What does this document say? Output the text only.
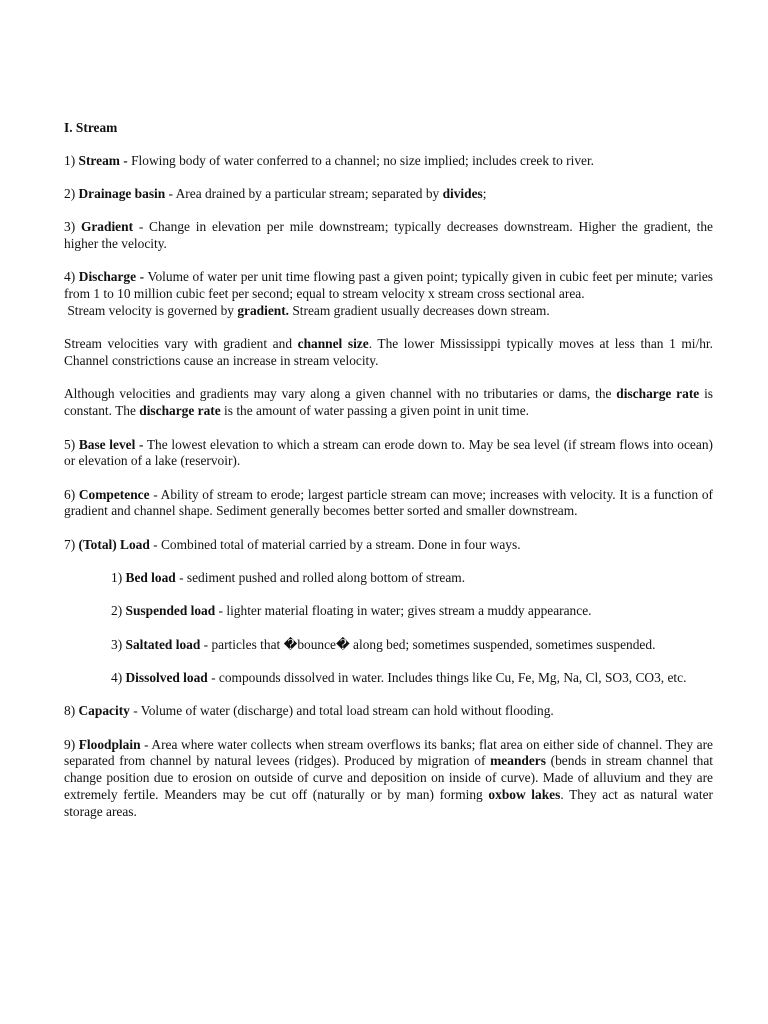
I. Stream

1) Stream - Flowing body of water conferred to a channel; no size implied; includes creek to river.

2) Drainage basin - Area drained by a particular stream; separated by divides;

3) Gradient - Change in elevation per mile downstream; typically decreases downstream. Higher the gradient, the higher the velocity.

4) Discharge - Volume of water per unit time flowing past a given point; typically given in cubic feet per minute; varies from 1 to 10 million cubic feet per second; equal to stream velocity x stream cross sectional area.

Stream velocity is governed by gradient. Stream gradient usually decreases down stream.

Stream velocities vary with gradient and channel size. The lower Mississippi typically moves at less than 1 mi/hr. Channel constrictions cause an increase in stream velocity.

Although velocities and gradients may vary along a given channel with no tributaries or dams, the discharge rate is constant. The discharge rate is the amount of water passing a given point in unit time.

5) Base level - The lowest elevation to which a stream can erode down to. May be sea level (if stream flows into ocean) or elevation of a lake (reservoir).

6) Competence - Ability of stream to erode; largest particle stream can move; increases with velocity. It is a function of gradient and channel shape. Sediment generally becomes better sorted and smaller downstream.

7) (Total) Load - Combined total of material carried by a stream. Done in four ways.

1) Bed load - sediment pushed and rolled along bottom of stream.

2) Suspended load - lighter material floating in water; gives stream a muddy appearance.

3) Saltated load - particles that �bounce� along bed; sometimes suspended, sometimes suspended.

4) Dissolved load - compounds dissolved in water. Includes things like Cu, Fe, Mg, Na, Cl, SO3, CO3, etc.

8) Capacity - Volume of water (discharge) and total load stream can hold without flooding.

9) Floodplain - Area where water collects when stream overflows its banks; flat area on either side of channel. They are separated from channel by natural levees (ridges). Produced by migration of meanders (bends in stream channel that change position due to erosion on outside of curve and deposition on inside of curve). Made of alluvium and they are extremely fertile. Meanders may be cut off (naturally or by man) forming oxbow lakes. They act as natural water storage areas.
